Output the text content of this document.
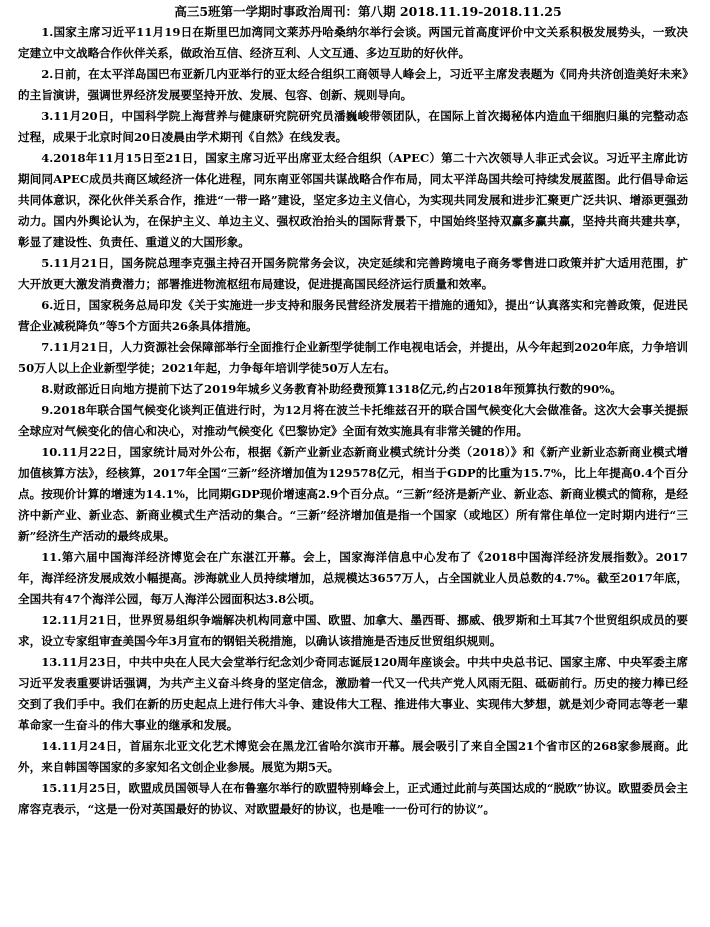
高三5班第一学期时事政治周刊：第八期 2018.11.19-2018.11.25

1.国家主席习近平11月19日在斯里巴加湾同文莱苏丹哈桑纳尔举行会谈。两国元首高度评价中文关系积极发展势头，一致决定建立中文战略合作伙伴关系，做政治互信、经济互利、人文互通、多边互助的好伙伴。

2.日前，在太平洋岛国巴布亚新几内亚举行的亚太经合组织工商领导人峰会上，习近平主席发表题为《同舟共济创造美好未来》的主旨演讲，强调世界经济发展要坚持开放、发展、包容、创新、规则导向。

3.11月20日，中国科学院上海营养与健康研究院研究员潘巍峻带领团队，在国际上首次揭秘体内造血干细胞归巢的完整动态过程，成果于北京时间20日凌晨由学术期刊《自然》在线发表。

4.2018年11月15日至21日，国家主席习近平出席亚太经合组织（APEC）第二十六次领导人非正式会议。习近平主席此访期间同APEC成员共商区域经济一体化进程，同东南亚邻国共谋战略合作布局，同太平洋岛国共绘可持续发展蓝图。此行倡导命运共同体意识，深化伙伴关系合作，推进“一带一路”建设，坚定多边主义信心，为实现共同发展和进步汇聚更广泛共识、增添更强劲动力。国内外舆论认为，在保护主义、单边主义、强权政治抬头的国际背景下，中国始终坚持双赢多赢共赢，坚持共商共建共享，彰显了建设性、负责任、重道义的大国形象。

5.11月21日，国务院总理李克强主持召开国务院常务会议，决定延续和完善跨境电子商务零售进口政策并扩大适用范围，扩大开放更大激发消费潜力；部署推进物流枢纽布局建设，促进提高国民经济运行质量和效率。

6.近日，国家税务总局印发《关于实施进一步支持和服务民营经济发展若干措施的通知》，提出“认真落实和完善政策，促进民营企业减税降负”等5个方面共26条具体措施。

7.11月21日，人力资源社会保障部举行全面推行企业新型学徒制工作电视电话会，并提出，从今年起到2020年底，力争培训50万人以上企业新型学徒；2021年起，力争每年培训学徒50万人左右。

8.财政部近日向地方提前下达了2019年城乡义务教育补助经费预算1318亿元,约占2018年预算执行数的90%。

9.2018年联合国气候变化谈判正值进行时，为12月将在波兰卡托维兹召开的联合国气候变化大会做准备。这次大会事关提振全球应对气候变化的信心和决心，对推动气候变化《巴黎协定》全面有效实施具有非常关键的作用。

10.11月22日，国家统计局对外公布，根据《新产业新业态新商业模式统计分类（2018）》和《新产业新业态新商业模式增加值核算方法》，经核算，2017年全国“三新”经济增加值为129578亿元，相当于GDP的比重为15.7%，比上年提高0.4个百分点。按现价计算的增速为14.1%，比同期GDP现价增速高2.9个百分点。“三新”经济是新产业、新业态、新商业模式的简称，是经济中新产业、新业态、新商业模式生产活动的集合。“三新”经济增加值是指一个国家（或地区）所有常住单位一定时期内进行“三新”经济生产活动的最终成果。

11.第六届中国海洋经济博览会在广东湛江开幕。会上，国家海洋信息中心发布了《2018中国海洋经济发展指数》。2017年，海洋经济发展成效小幅提高。涉海就业人员持续增加，总规模达3657万人，占全国就业人员总数的4.7%。截至2017年底，全国共有47个海洋公园，每万人海洋公园面积达3.8公顷。

12.11月21日，世界贸易组织争端解决机构同意中国、欧盟、加拿大、墨西哥、挪威、俄罗斯和土耳其7个世贸组织成员的要求，设立专家组审查美国今年3月宣布的钢铝关税措施，以确认该措施是否违反世贸组织规则。

13.11月23日，中共中央在人民大会堂举行纪念刘少奇同志诞辰120周年座谈会。中共中央总书记、国家主席、中央军委主席习近平发表重要讲话强调，为共产主义奋斗终身的坚定信念，激励着一代又一代共产党人风雨无阻、砥砺前行。历史的接力棒已经交到了我们手中。我们在新的历史起点上进行伟大斗争、建设伟大工程、推进伟大事业、实现伟大梦想，就是刘少奇同志等老一辈革命家一生奋斗的伟大事业的继承和发展。

14.11月24日，首届东北亚文化艺术博览会在黑龙江省哈尔滨市开幕。展会吸引了来自全国21个省市区的268家参展商。此外，来自韩国等国家的多家知名文创企业参展。展览为期5天。

15.11月25日，欧盟成员国领导人在布鲁塞尔举行的欧盟特别峰会上，正式通过此前与英国达成的“脱欧”协议。欧盟委员会主席容克表示，“这是一份对英国最好的协议、对欧盟最好的协议，也是唯一一份可行的协议”。
